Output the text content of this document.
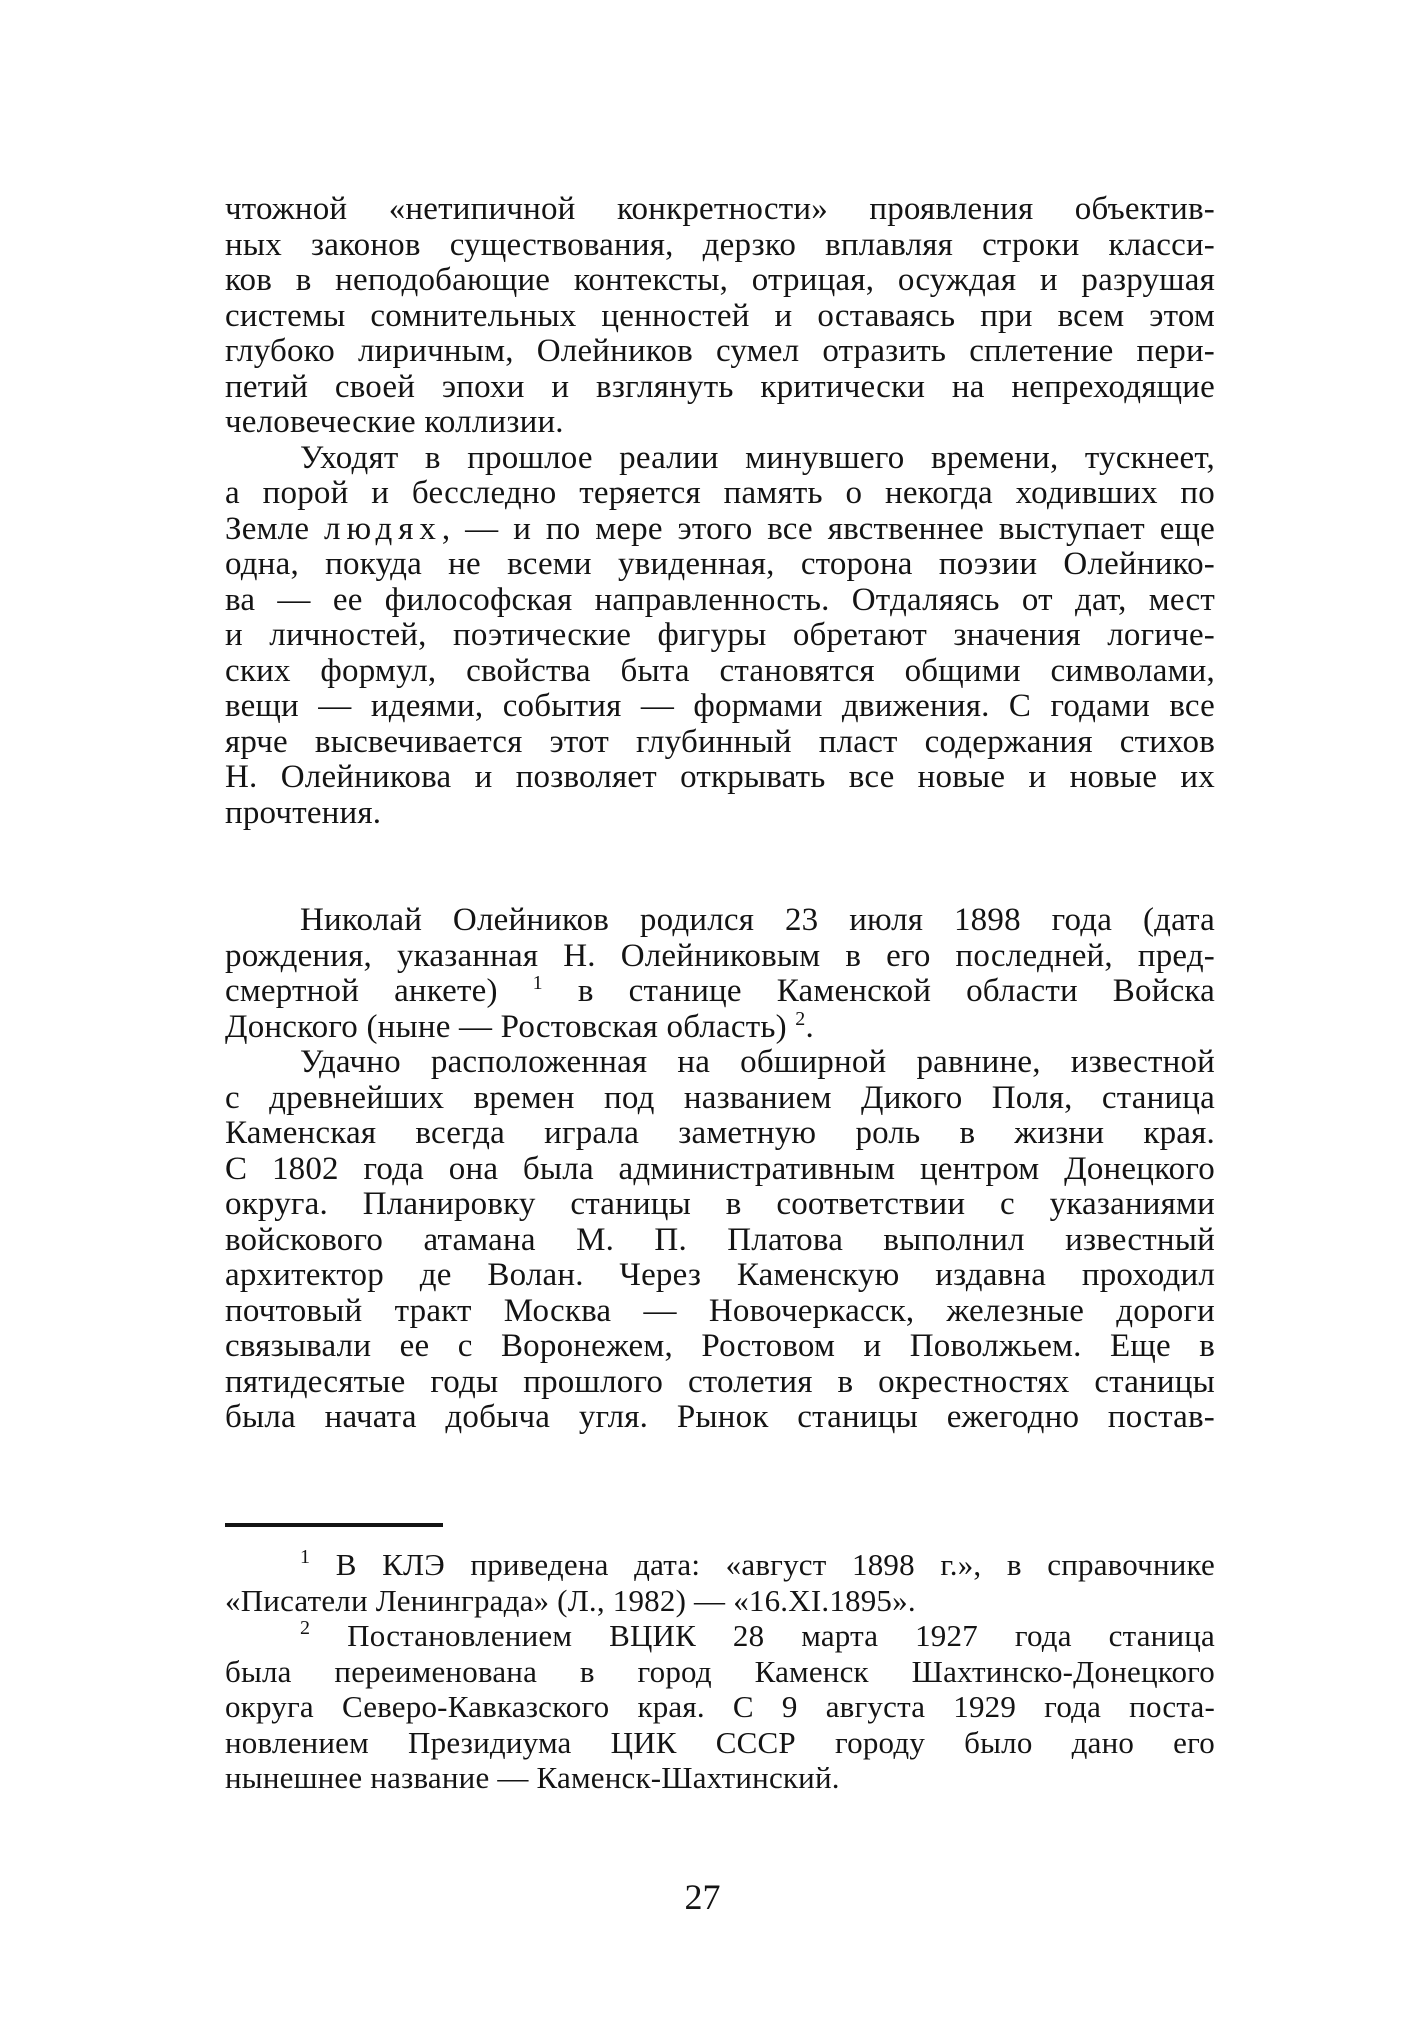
чтожной «нетипичной конкретности» проявления объектив-
ных законов существования, дерзко вплавляя строки класси-
ков в неподобающие контексты, отрицая, осуждая и разрушая
системы сомнительных ценностей и оставаясь при всем этом
глубоко лиричным, Олейников сумел отразить сплетение пери-
петий своей эпохи и взглянуть критически на непреходящие
человеческие коллизии.
Уходят в прошлое реалии минувшего времени, тускнеет,
а порой и бесследно теряется память о некогда ходивших по
Земле людях, — и по мере этого все явственнее выступает еще
одна, покуда не всеми увиденная, сторона поэзии Олейнико-
ва — ее философская направленность. Отдаляясь от дат, мест
и личностей, поэтические фигуры обретают значения логиче-
ских формул, свойства быта становятся общими символами,
вещи — идеями, события — формами движения. С годами все
ярче высвечивается этот глубинный пласт содержания стихов
Н. Олейникова и позволяет открывать все новые и новые их
прочтения.
Николай Олейников родился 23 июля 1898 года (дата
рождения, указанная Н. Олейниковым в его последней, пред-
смертной анкете) $^1$ в станице Каменской области Войска
Донского (ныне — Ростовская область) $^2$.
Удачно расположенная на обширной равнине, известной
с древнейших времен под названием Дикого Поля, станица
Каменская всегда играла заметную роль в жизни края.
С 1802 года она была административным центром Донецкого
округа. Планировку станицы в соответствии с указаниями
войскового атамана М. П. Платова выполнил известный
архитектор де Волан. Через Каменскую издавна проходил
почтовый тракт Москва — Новочеркасск, железные дороги
связывали ее с Воронежем, Ростовом и Поволжьем. Еще в
пятидесятые годы прошлого столетия в окрестностях станицы
была начата добыча угля. Рынок станицы ежегодно постав-
$^1$ В КЛЭ приведена дата: «август 1898 г.», в справочнике
«Писатели Ленинграда» (Л., 1982) — «16.XI.1895».
$^2$ Постановлением ВЦИК 28 марта 1927 года станица
была переименована в город Каменск Шахтинско-Донецкого
округа Северо-Кавказского края. С 9 августа 1929 года поста-
новлением Президиума ЦИК СССР городу было дано его
нынешнее название — Каменск-Шахтинский.
27
